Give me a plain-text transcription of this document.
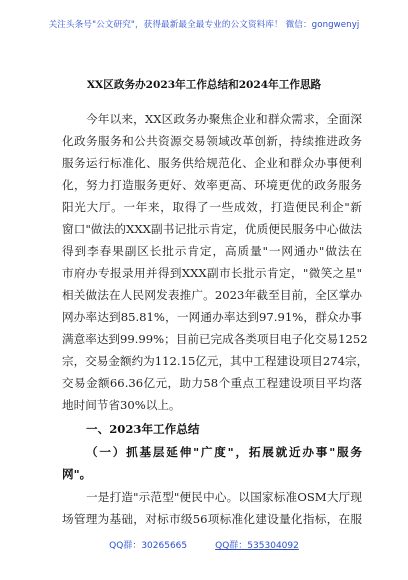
关注头条号"公文研究"，获得最新最全最专业的公文资料库！ 微信：gongwenyj
XX区政务办2023年工作总结和2024年工作思路
今年以来，XX区政务办聚焦企业和群众需求，全面深
化政务服务和公共资源交易领域改革创新，持续推进政务
服务运行标准化、服务供给规范化、企业和群众办事便利
化，努力打造服务更好、效率更高、环境更优的政务服务
阳光大厅。一年来，取得了一些成效，打造便民利企"新
窗口"做法的XXX副书记批示肯定，优质便民服务中心做法
得到李春果副区长批示肯定，高质量"一网通办"做法在
市府办专报录用并得到XXX副市长批示肯定，"微笑之星"
相关做法在人民网发表推广。2023年截至目前，全区掌办
网办率达到85.81%，一网通办率达到97.91%，群众办事
满意率达到99.99%；目前已完成各类项目电子化交易1252
宗，交易金额约为112.15亿元，其中工程建设项目274宗，
交易金额66.36亿元，助力58个重点工程建设项目平均落
地时间节省30%以上。
一、2023年工作总结
（一）抓基层延伸"广度"，拓展就近办事"服务
网"。
一是打造"示范型"便民中心。以国家标准OSM大厅现
场管理为基础，对标市级56项标准化建设量化指标，在服
QQ群：30265665	QQ群：535304092
